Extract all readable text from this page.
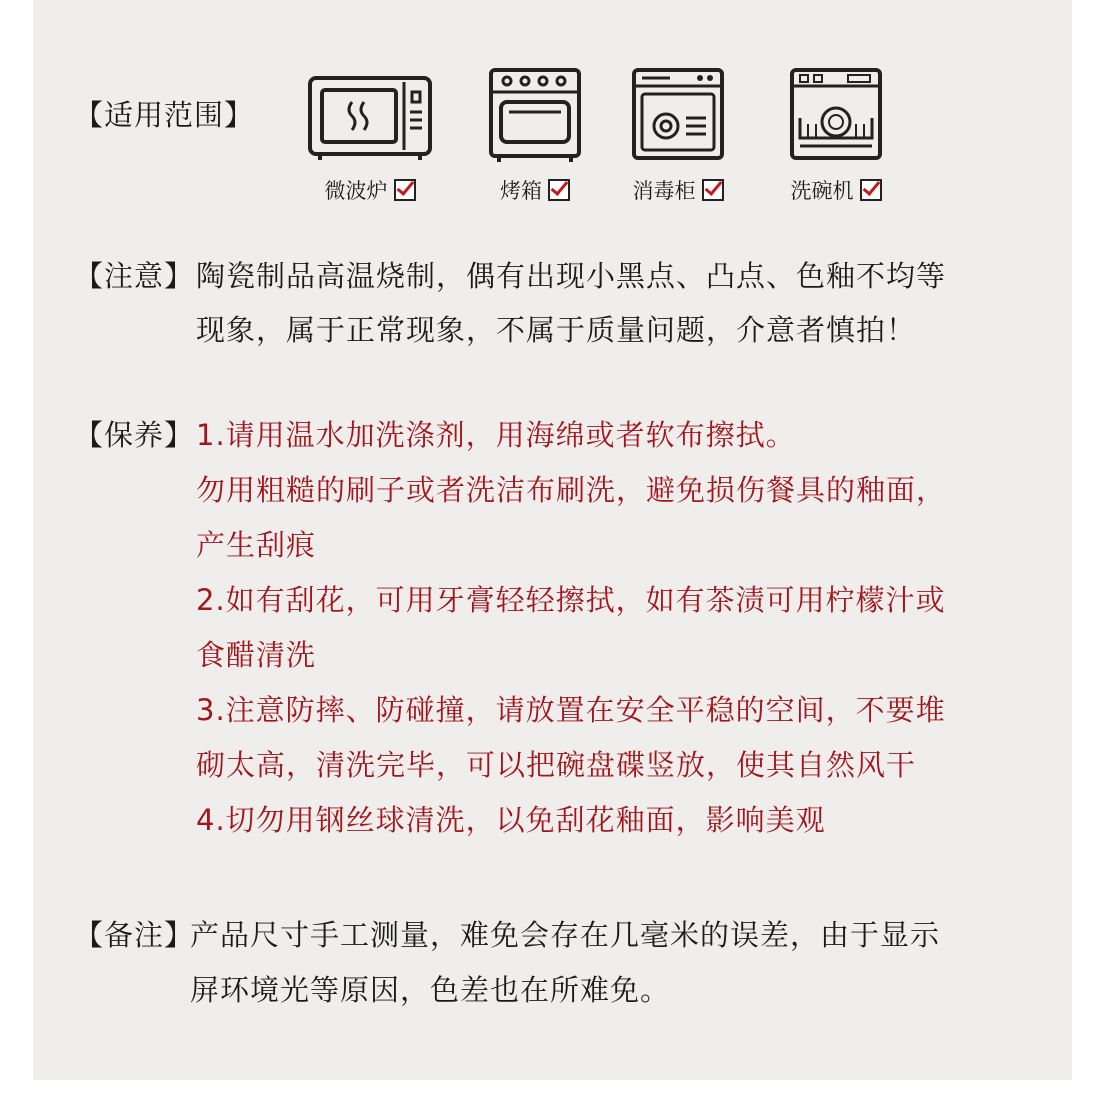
【适用范围】
微波炉	烤箱	消毒柜	洗碗机
【注意】 陶瓷制品高温烧制，偶有出现小黑点、凸点、色釉不均等
现象，属于正常现象，不属于质量问题，介意者慎拍！
【保养】 1.请用温水加洗涤剂，用海绵或者软布擦拭。
勿用粗糙的刷子或者洗洁布刷洗，避免损伤餐具的釉面，
产生刮痕
2.如有刮花，可用牙膏轻轻擦拭，如有茶渍可用柠檬汁或
食醋清洗
3.注意防摔、防碰撞，请放置在安全平稳的空间，不要堆
砌太高，清洗完毕，可以把碗盘碟竖放，使其自然风干
4.切勿用钢丝球清洗，以免刮花釉面，影响美观
【备注】
产品尺寸手工测量，难免会存在几毫米的误差，由于显示
屏环境光等原因，色差也在所难免。
